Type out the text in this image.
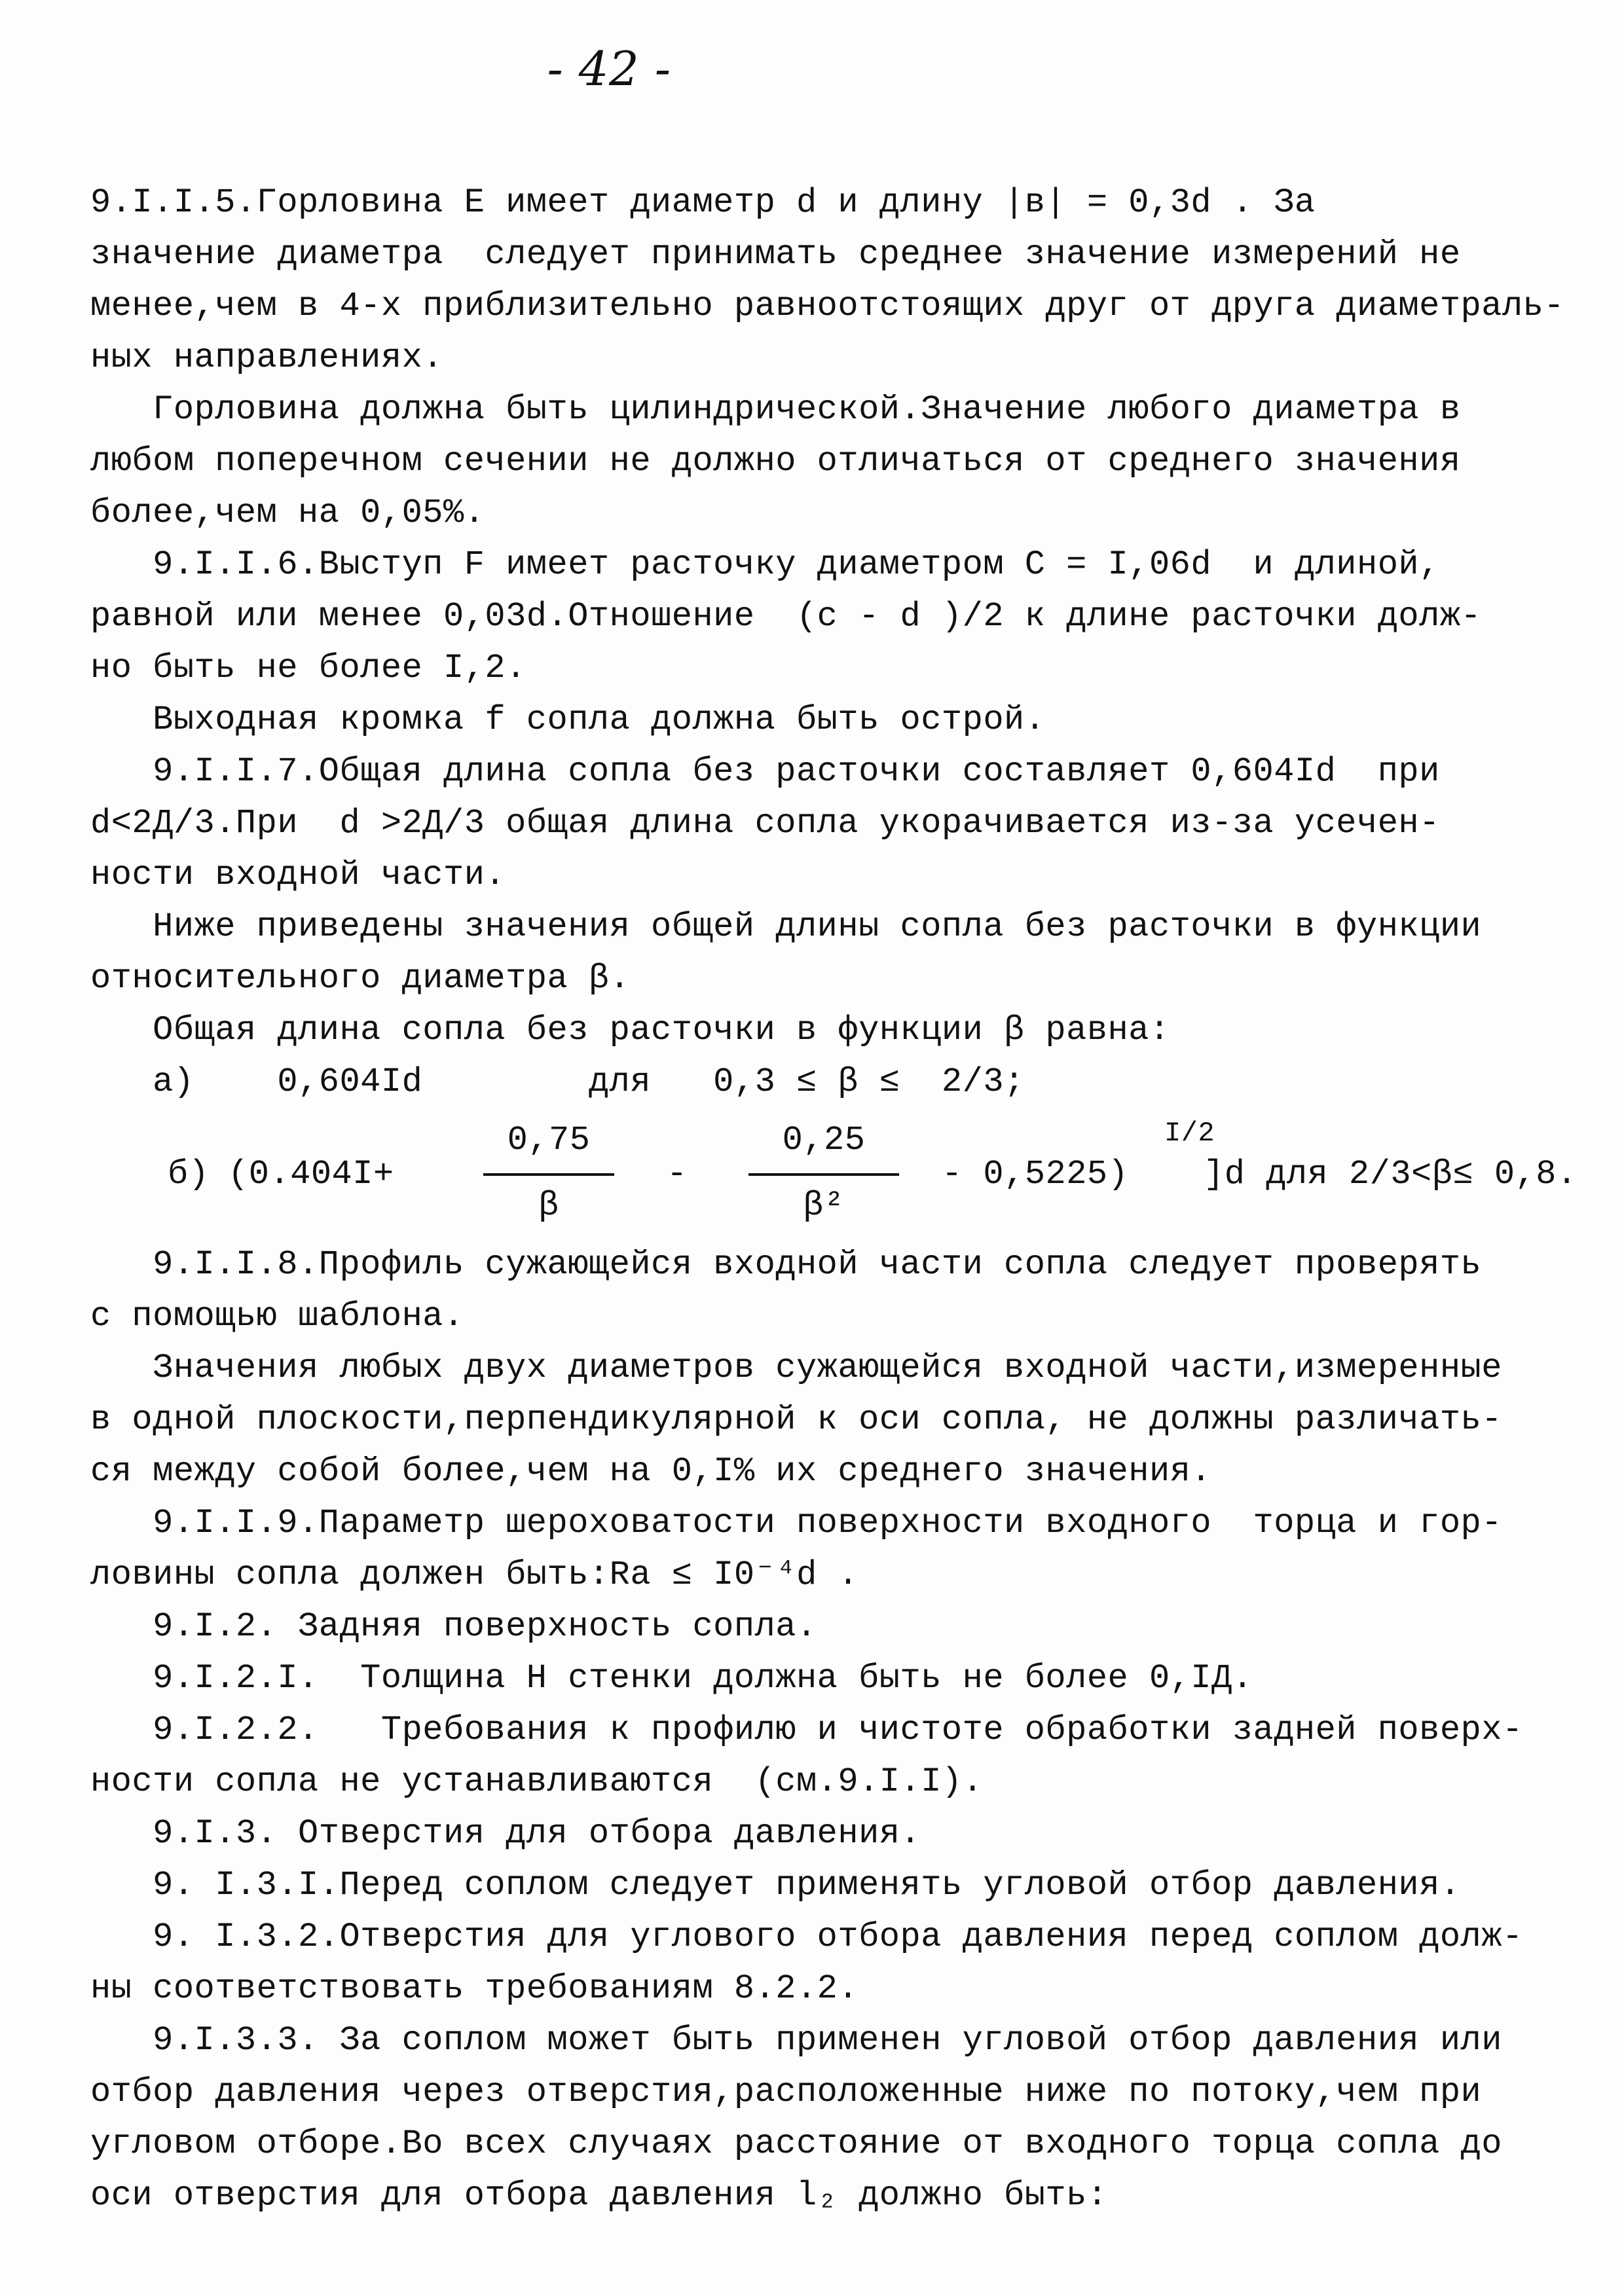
- 42 -
9.I.I.5.Горловина Е имеет диаметр d и длину |в| = 0,3d . За
значение диаметра  следует принимать среднее значение измерений не
менее,чем в 4-х приблизительно равноотстоящих друг от друга диаметраль-
ных направлениях.
Горловина должна быть цилиндрической.Значение любого диаметра в
любом поперечном сечении не должно отличаться от среднего значения
более,чем на 0,05%.
9.I.I.6.Выступ F имеет расточку диаметром C = I,06d  и длиной,
равной или менее 0,03d.Отношение  (с - d )/2 к длине расточки долж-
но быть не более I,2.
Выходная кромка f сопла должна быть острой.
9.I.I.7.Общая длина сопла без расточки составляет 0,604Id  при
d<2Д/3.При  d >2Д/3 общая длина сопла укорачивается из-за усечен-
ности входной части.
Ниже приведены значения общей длины сопла без расточки в функции
относительного диаметра β.
Общая длина сопла без расточки в функции β равна:
а)    0,604Id        для   0,3 ≤ β ≤  2/3;
б) (0.404I+
0,75
β
-
0,25
β²
- 0,5225)
I/2
]d для 2/3<β≤ 0,8.
9.I.I.8.Профиль сужающейся входной части сопла следует проверять
с помощью шаблона.
Значения любых двух диаметров сужающейся входной части,измеренные
в одной плоскости,перпендикулярной к оси сопла, не должны различать-
ся между собой более,чем на 0,I% их среднего значения.
9.I.I.9.Параметр шероховатости поверхности входного  торца и гор-
ловины сопла должен быть:Ra ≤ I0⁻⁴d .
9.I.2. Задняя поверхность сопла.
9.I.2.I.  Толщина H стенки должна быть не более 0,IД.
9.I.2.2.   Требования к профилю и чистоте обработки задней поверх-
ности сопла не устанавливаются  (см.9.I.I).
9.I.3. Отверстия для отбора давления.
9. I.3.I.Перед соплом следует применять угловой отбор давления.
9. I.3.2.Отверстия для углового отбора давления перед соплом долж-
ны соответствовать требованиям 8.2.2.
9.I.3.3. За соплом может быть применен угловой отбор давления или
отбор давления через отверстия,расположенные ниже по потоку,чем при
угловом отборе.Во всех случаях расстояние от входного торца сопла до
оси отверстия для отбора давления l₂ должно быть:
